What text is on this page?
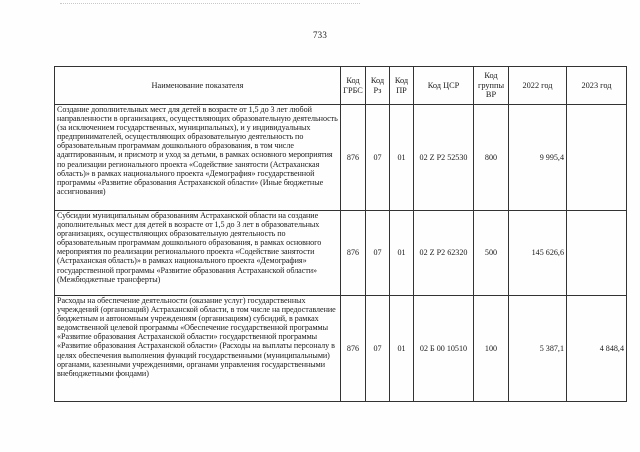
733
Наименование показателя	Код ГРБС	Код Рз	Код ПР	Код ЦСР	Код группы ВР	2022 год	2023 год
Создание дополнительных мест для детей в возрасте от 1,5 до 3 лет любой направленности в организациях, осуществляющих образовательную деятельность (за исключением государственных, муниципальных), и у индивидуальных предпринимателей, осуществляющих образовательную деятельность по образовательным программам дошкольного образования, в том числе адаптированным, и присмотр и уход за детьми, в рамках основного мероприятия по реализации регионального проекта «Содействие занятости (Астраханская область)» в рамках национального проекта «Демография» государственной программы «Развитие образования Астраханской области» (Иные бюджетные ассигнования)	876	07	01	02 Z P2 52530	800	9 995,4	
Субсидии муниципальным образованиям Астраханской области на создание дополнительных мест для детей в возрасте от 1,5 до 3 лет в образовательных организациях, осуществляющих образовательную деятельность по образовательным программам дошкольного образования, в рамках основного мероприятия по реализации регионального проекта «Содействие занятости (Астраханская область)» в рамках национального проекта «Демография» государственной программы «Развитие образования Астраханской области» (Межбюджетные трансферты)	876	07	01	02 Z P2 62320	500	145 626,6	
Расходы на обеспечение деятельности (оказание услуг) государственных учреждений (организаций) Астраханской области, в том числе на предоставление бюджетным и автономным учреждениям (организациям) субсидий, в рамках ведомственной целевой программы «Обеспечение государственной программы «Развитие образования Астраханской области» государственной программы «Развитие образования Астраханской области» (Расходы на выплаты персоналу в целях обеспечения выполнения функций государственными (муниципальными) органами, казенными учреждениями, органами управления государственными внебюджетными фондами)	876	07	01	02 Б 00 10510	100	5 387,1	4 848,4
